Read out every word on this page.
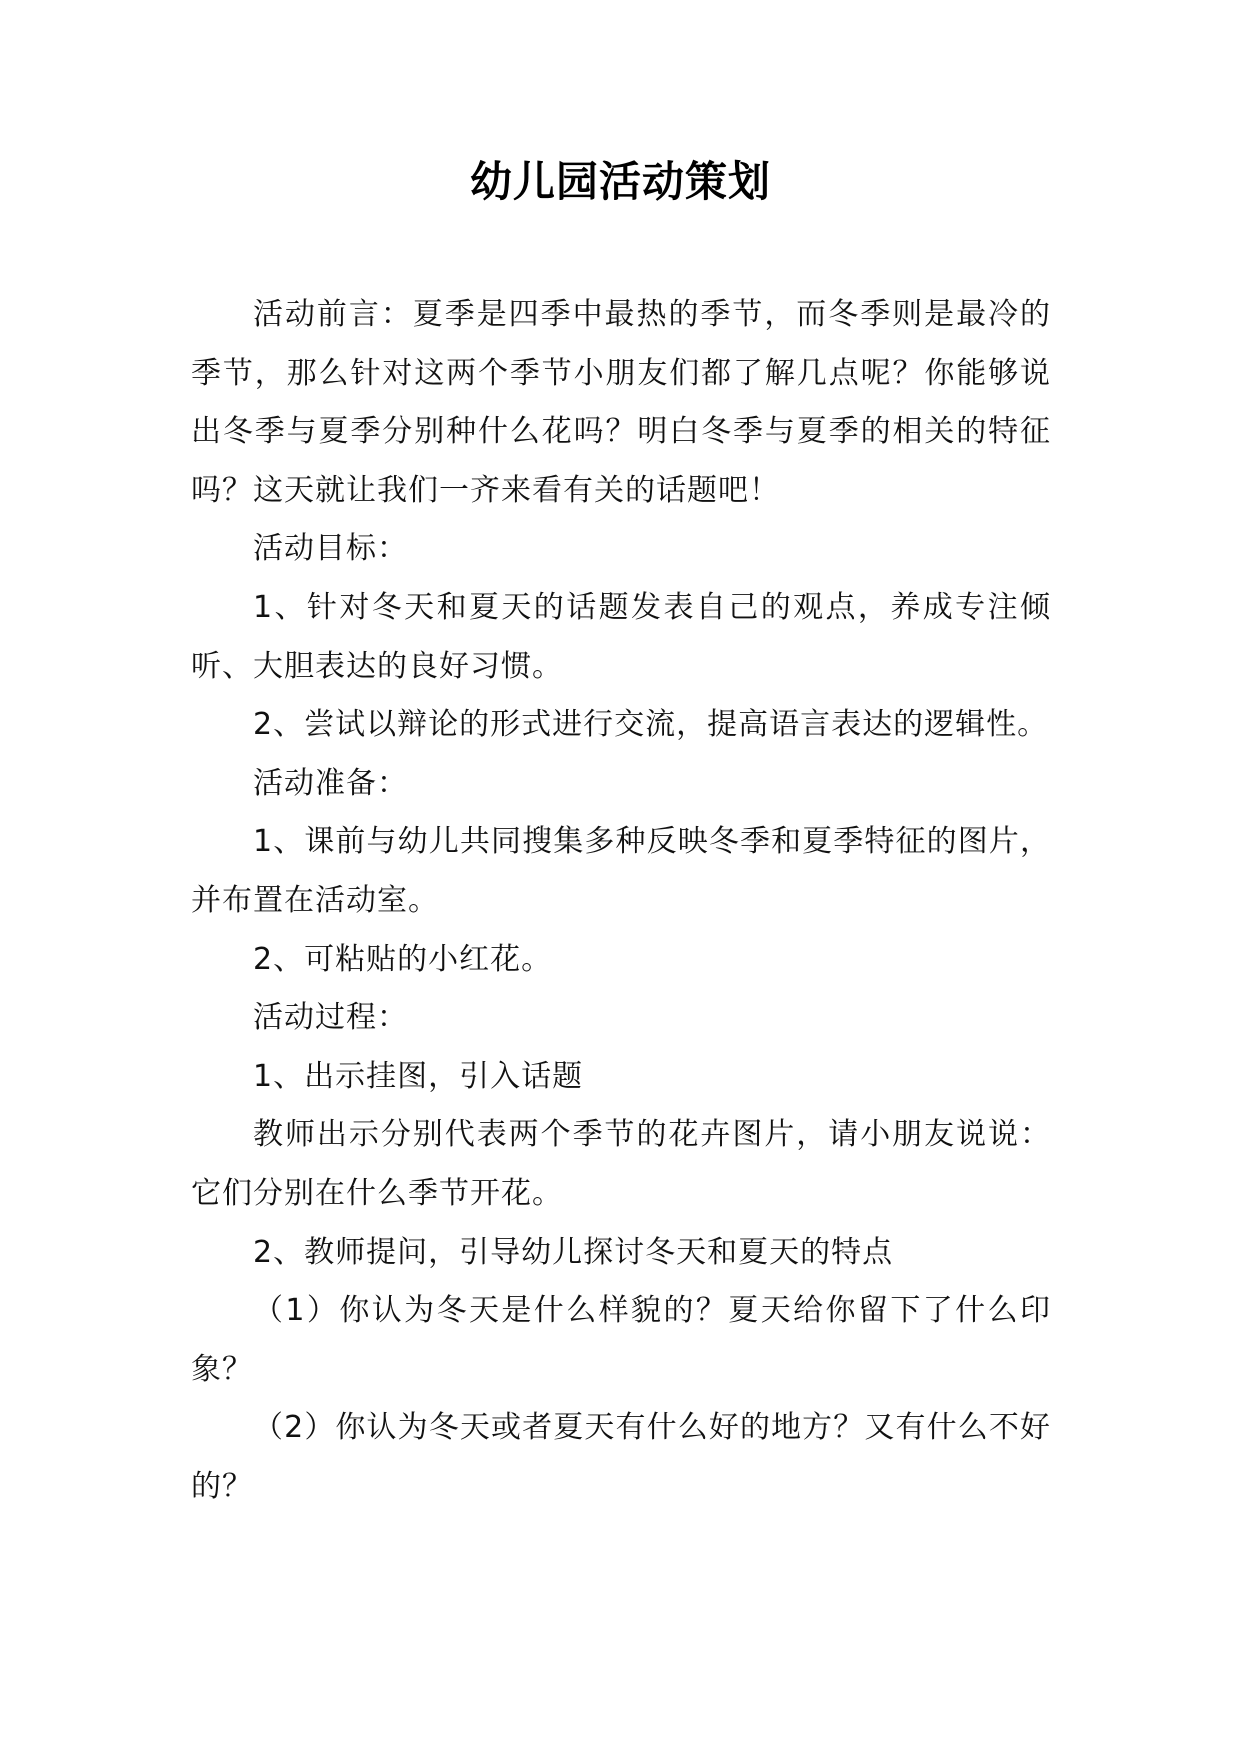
幼儿园活动策划

活动前言：夏季是四季中最热的季节，而冬季则是最冷的季节，那么针对这两个季节小朋友们都了解几点呢？你能够说出冬季与夏季分别种什么花吗？明白冬季与夏季的相关的特征吗？这天就让我们一齐来看有关的话题吧！

活动目标：

1、针对冬天和夏天的话题发表自己的观点，养成专注倾听、大胆表达的良好习惯。

2、尝试以辩论的形式进行交流，提高语言表达的逻辑性。

活动准备：

1、课前与幼儿共同搜集多种反映冬季和夏季特征的图片，并布置在活动室。

2、可粘贴的小红花。

活动过程：

1、出示挂图，引入话题

教师出示分别代表两个季节的花卉图片，请小朋友说说：它们分别在什么季节开花。

2、教师提问，引导幼儿探讨冬天和夏天的特点

（1）你认为冬天是什么样貌的？夏天给你留下了什么印象？

（2）你认为冬天或者夏天有什么好的地方？又有什么不好的？
